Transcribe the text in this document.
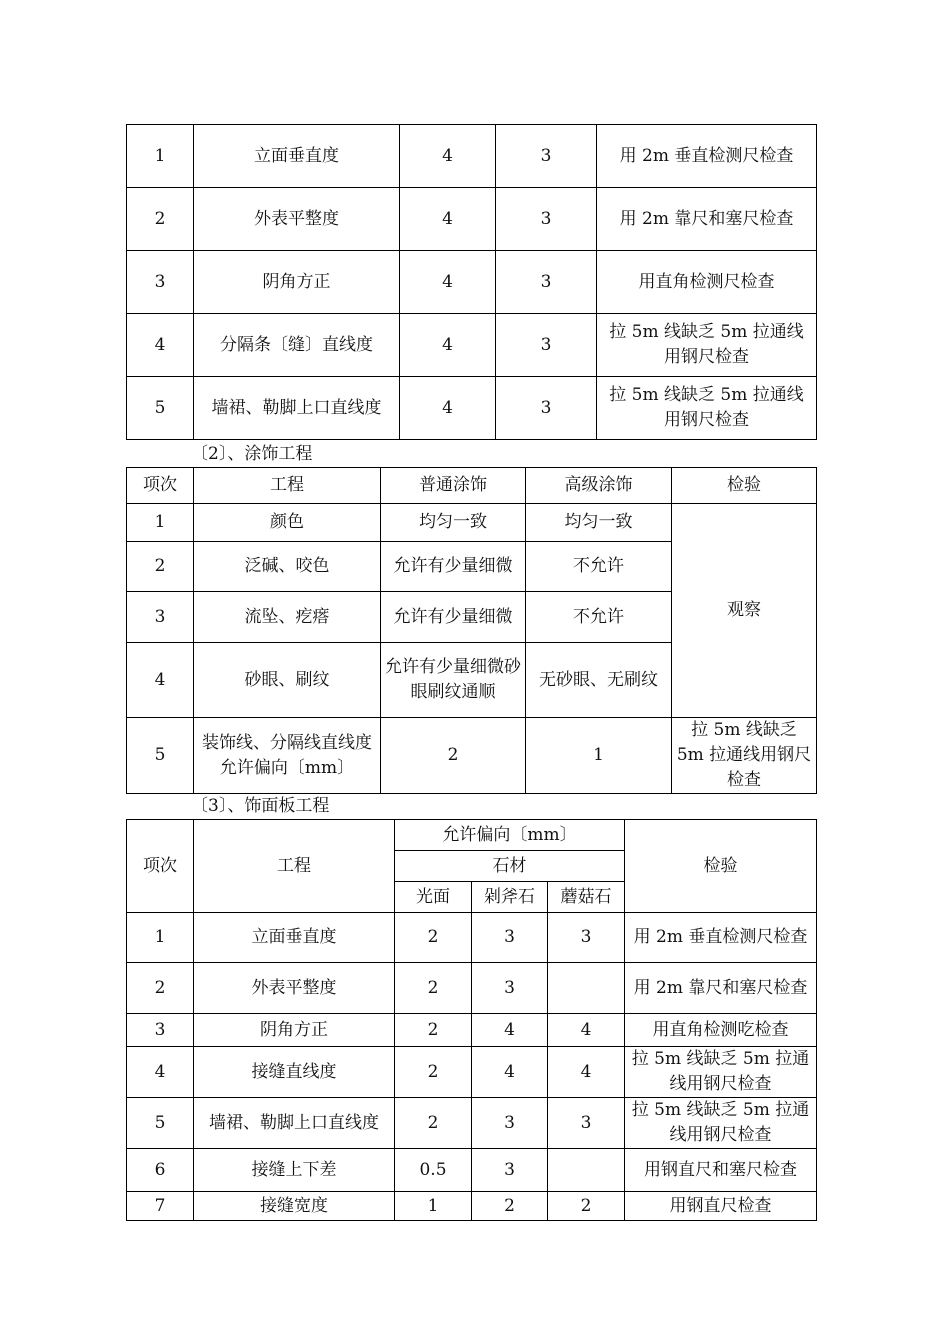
1	立面垂直度	4	3	用 2m 垂直检测尺检查
2	外表平整度	4	3	用 2m 靠尺和塞尺检查
3	阴角方正	4	3	用直角检测尺检查
4	分隔条〔缝〕直线度	4	3	拉 5m 线缺乏 5m 拉通线用钢尺检查
5	墙裙、勒脚上口直线度	4	3	拉 5m 线缺乏 5m 拉通线用钢尺检查
〔2〕、涂饰工程
项次	工程	普通涂饰	高级涂饰	检验
1	颜色	均匀一致	均匀一致	观察
2	泛碱、咬色	允许有少量细微	不允许	
3	流坠、疙瘩	允许有少量细微	不允许	
4	砂眼、刷纹	允许有少量细微砂眼刷纹通顺	无砂眼、无刷纹	
5	装饰线、分隔线直线度允许偏向〔mm〕	2	1	拉 5m 线缺乏 5m 拉通线用钢尺检查
〔3〕、饰面板工程
项次	工程	允许偏向〔mm〕			检验
		石材			
		光面	剁斧石	蘑菇石	
1	立面垂直度	2	3	3	用 2m 垂直检测尺检查
2	外表平整度	2	3		用 2m 靠尺和塞尺检查
3	阴角方正	2	4	4	用直角检测吃检查
4	接缝直线度	2	4	4	拉 5m 线缺乏 5m 拉通线用钢尺检查
5	墙裙、勒脚上口直线度	2	3	3	拉 5m 线缺乏 5m 拉通线用钢尺检查
6	接缝上下差	0.5	3		用钢直尺和塞尺检查
7	接缝宽度	1	2	2	用钢直尺检查
